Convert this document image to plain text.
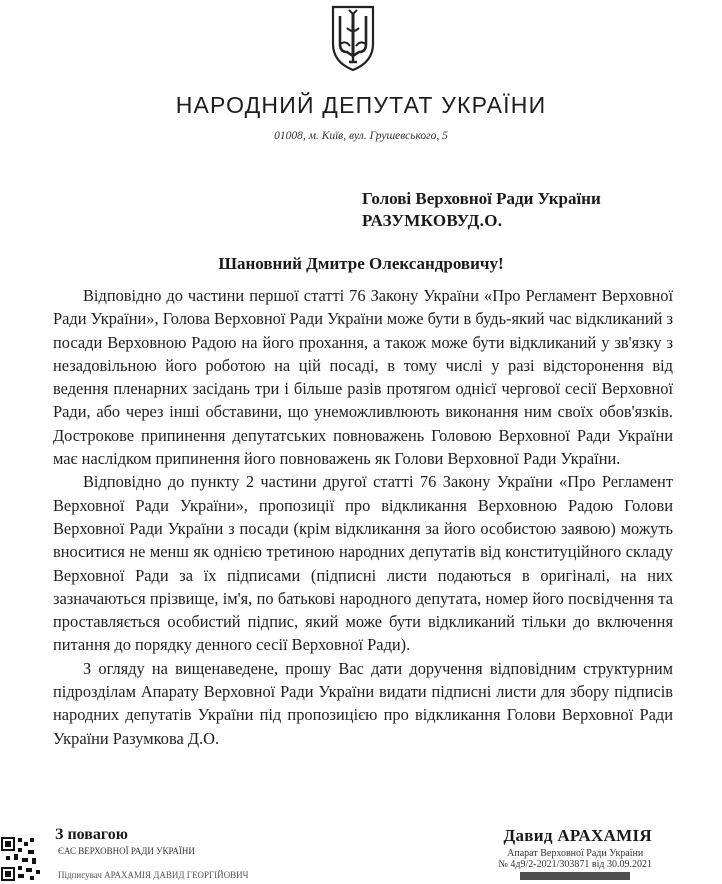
НАРОДНИЙ ДЕПУТАТ УКРАЇНИ
01008, м. Київ, вул. Грушевського, 5
Голові Верховної Ради України
РАЗУМКОВУД.О.
Шановний Дмитре Олександровичу!

Відповідно до частини першої статті 76 Закону України «Про Регламент Верховної Ради України», Голова Верховної Ради України може бути в будь-який час відкликаний з посади Верховною Радою на його прохання, а також може бути відкликаний у зв'язку з незадовільною його роботою на цій посаді, в тому числі у разі відсторонення від ведення пленарних засідань три і більше разів протягом однієї чергової сесії Верховної Ради, або через інші обставини, що унеможливлюють виконання ним своїх обов'язків. Дострокове припинення депутатських повноважень Головою Верховної Ради України має наслідком припинення його повноважень як Голови Верховної Ради України.

Відповідно до пункту 2 частини другої статті 76 Закону України «Про Регламент Верховної Ради України», пропозиції про відкликання Верховною Радою Голови Верховної Ради України з посади (крім відкликання за його особистою заявою) можуть вноситися не менш як однією третиною народних депутатів від конституційного складу Верховної Ради за їх підписами (підписні листи подаються в оригіналі, на них зазначаються прізвище, ім'я, по батькові народного депутата, номер його посвідчення та проставляється особистий підпис, який може бути відкликаний тільки до включення питання до порядку денного сесії Верховної Ради).

З огляду на вищенаведене, прошу Вас дати доручення відповідним структурним підрозділам Апарату Верховної Ради України видати підписні листи для збору підписів народних депутатів України під пропозицією про відкликання Голови Верховної Ради України Разумкова Д.О.

З повагою
ЄАС ВЕРХОВНОЇ РАДИ УКРАЇНИ
Підписувач АРАХАМІЯ ДАВИД ГЕОРГІЙОВИЧ
Давид АРАХАМІЯ
Апарат Верховної Ради України
№ 4д9/2-2021/303871 від 30.09.2021
